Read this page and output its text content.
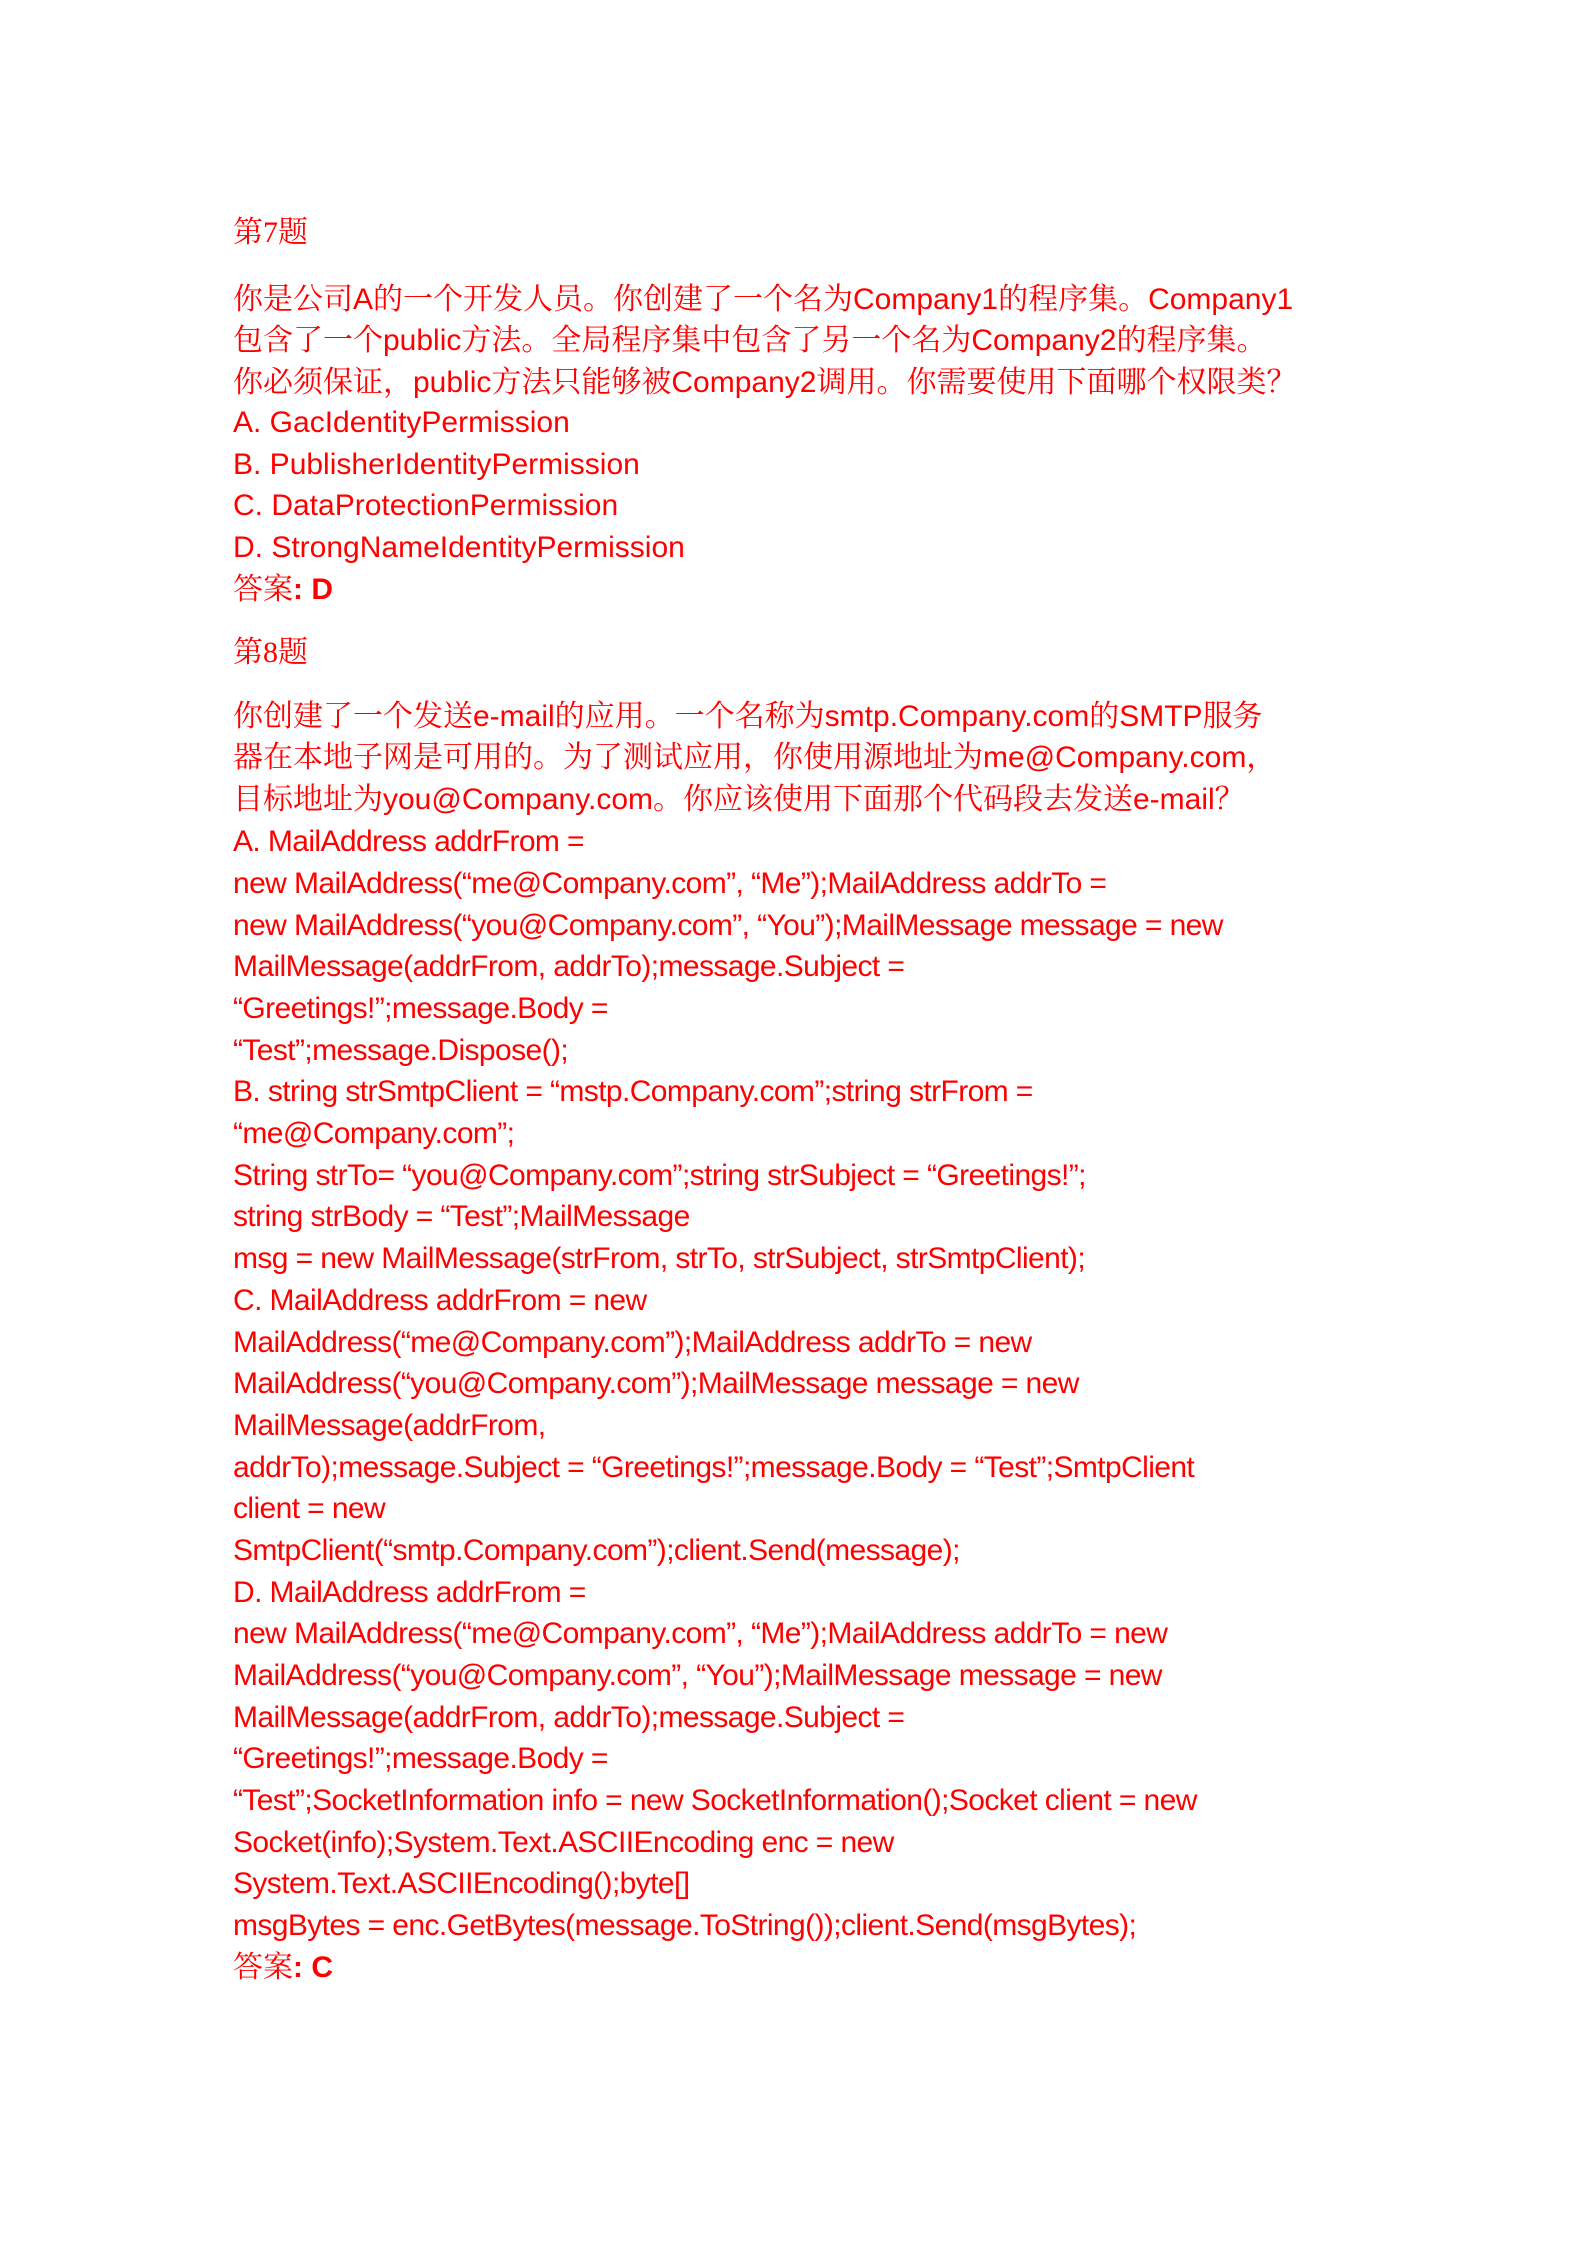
第7题
你是公司A的一个开发人员。你创建了一个名为Company1的程序集。Company1
包含了一个public方法。全局程序集中包含了另一个名为Company2的程序集。
你必须保证，public方法只能够被Company2调用。你需要使用下面哪个权限类？
A. GacIdentityPermission
B. PublisherIdentityPermission
C. DataProtectionPermission
D. StrongNameIdentityPermission
答案: D
第8题
你创建了一个发送e-mail的应用。一个名称为smtp.Company.com的SMTP服务
器在本地子网是可用的。为了测试应用，你使用源地址为me@Company.com，
目标地址为you@Company.com。你应该使用下面那个代码段去发送e-mail？
A. MailAddress addrFrom =
new MailAddress(“me@Company.com”, “Me”);MailAddress addrTo =
new MailAddress(“you@Company.com”, “You”);MailMessage message = new
MailMessage(addrFrom, addrTo);message.Subject =
“Greetings!”;message.Body =
“Test”;message.Dispose();
B. string strSmtpClient = “mstp.Company.com”;string strFrom =
“me@Company.com”;
String strTo= “you@Company.com”;string strSubject = “Greetings!”;
string strBody = “Test”;MailMessage
msg = new MailMessage(strFrom, strTo, strSubject, strSmtpClient);
C. MailAddress addrFrom = new
MailAddress(“me@Company.com”);MailAddress addrTo = new
MailAddress(“you@Company.com”);MailMessage message = new
MailMessage(addrFrom,
addrTo);message.Subject = “Greetings!”;message.Body = “Test”;SmtpClient
client = new
SmtpClient(“smtp.Company.com”);client.Send(message);
D. MailAddress addrFrom =
new MailAddress(“me@Company.com”, “Me”);MailAddress addrTo = new
MailAddress(“you@Company.com”, “You”);MailMessage message = new
MailMessage(addrFrom, addrTo);message.Subject =
“Greetings!”;message.Body =
“Test”;SocketInformation info = new SocketInformation();Socket client = new
Socket(info);System.Text.ASCIIEncoding enc = new
System.Text.ASCIIEncoding();byte[]
msgBytes = enc.GetBytes(message.ToString());client.Send(msgBytes);
答案: C
